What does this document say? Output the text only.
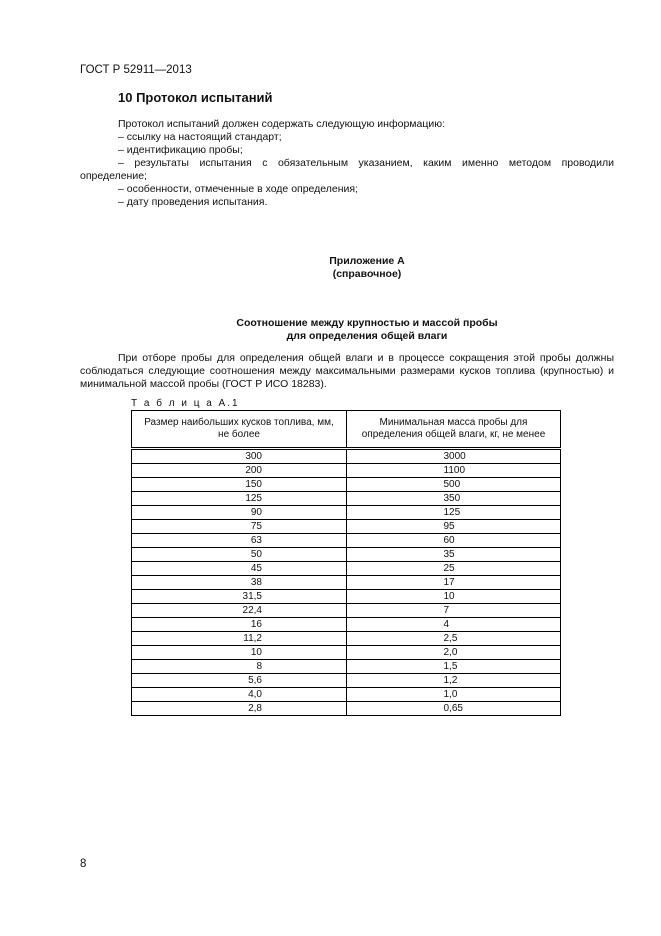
ГОСТ Р 52911—2013
10 Протокол испытаний
Протокол испытаний должен содержать следующую информацию:
– ссылку на настоящий стандарт;
– идентификацию пробы;
– результаты испытания с обязательным указанием, каким именно методом проводили
определение;
– особенности, отмеченные в ходе определения;
– дату проведения испытания.
Приложение А
(справочное)
Соотношение между крупностью и массой пробы
для определения общей влаги
При отборе пробы для определения общей влаги и в процессе сокращения этой пробы должны
соблюдаться следующие соотношения между максимальными размерами кусков топлива (крупностью) и
минимальной массой пробы (ГОСТ Р ИСО 18283).
Т а б л и ц а А.1
Размер наибольших кусков топлива, мм, не более	Минимальная масса пробы для определения общей влаги, кг, не менее
300	3000
200	1100
150	500
125	350
90	125
75	95
63	60
50	35
45	25
38	17
31,5	10
22,4	7
16	4
11,2	2,5
10	2,0
8	1,5
5,6	1,2
4,0	1,0
2,8	0,65
8
